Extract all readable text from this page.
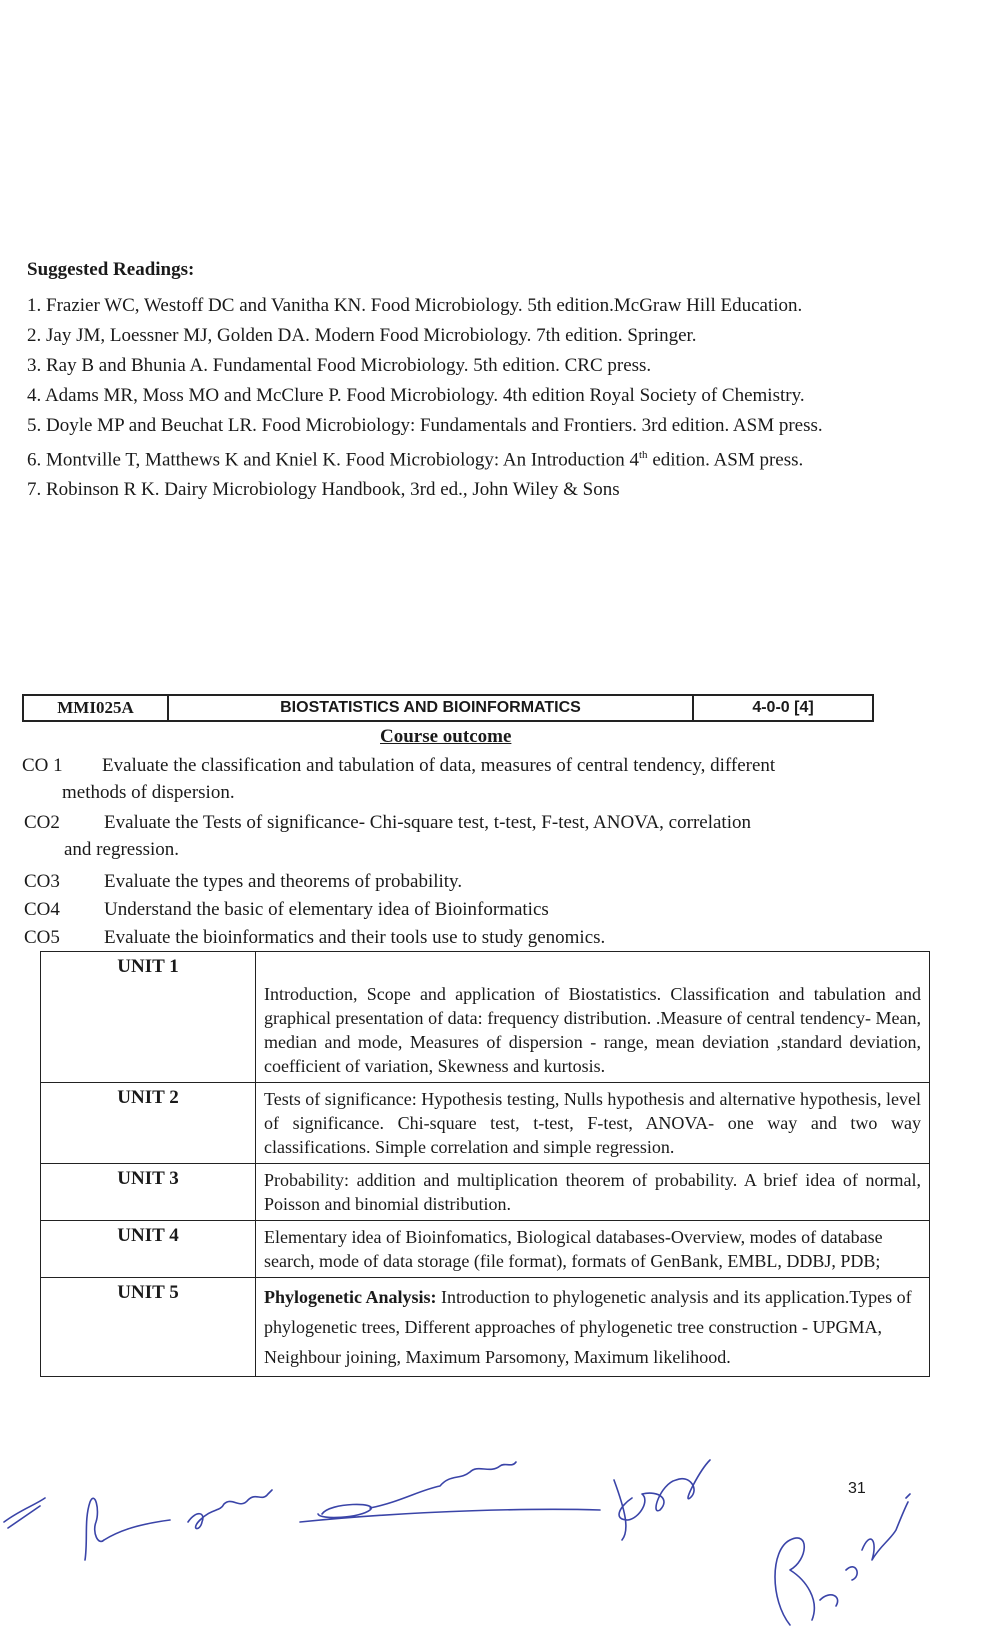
Suggested Readings:
1. Frazier WC, Westoff DC and Vanitha KN. Food Microbiology. 5th edition.McGraw Hill Education.
2. Jay JM, Loessner MJ, Golden DA. Modern Food Microbiology. 7th edition. Springer.
3. Ray B and Bhunia A. Fundamental Food Microbiology. 5th edition. CRC press.
4. Adams MR, Moss MO and McClure P. Food Microbiology. 4th edition Royal Society of Chemistry.
5. Doyle MP and Beuchat LR. Food Microbiology: Fundamentals and Frontiers. 3rd edition. ASM press.
6. Montville T, Matthews K and Kniel K. Food Microbiology: An Introduction 4th edition. ASM press.
7. Robinson R K. Dairy Microbiology Handbook, 3rd ed., John Wiley & Sons
MMI025A	BIOSTATISTICS AND BIOINFORMATICS	4-0-0 [4]
Course outcome
CO 1 Evaluate the classification and tabulation of data, measures of central tendency, different
methods of dispersion.
CO2 Evaluate the Tests of significance- Chi-square test, t-test, F-test, ANOVA, correlation
and regression.
CO3 Evaluate the types and theorems of probability.
CO4 Understand the basic of elementary idea of Bioinformatics
CO5 Evaluate the bioinformatics and their tools use to study genomics.
UNIT 1	Introduction, Scope and application of Biostatistics. Classification and tabulation and graphical presentation of data: frequency distribution. .Measure of central tendency- Mean, median and mode, Measures of dispersion - range, mean deviation ,standard deviation, coefficient of variation, Skewness and kurtosis.
UNIT 2	Tests of significance: Hypothesis testing, Nulls hypothesis and alternative hypothesis, level of significance. Chi-square test, t-test, F-test, ANOVA- one way and two way classifications. Simple correlation and simple regression.
UNIT 3	Probability: addition and multiplication theorem of probability. A brief idea of normal, Poisson and binomial distribution.
UNIT 4	Elementary idea of Bioinfomatics, Biological databases-Overview, modes of database search, mode of data storage (file format), formats of GenBank, EMBL, DDBJ, PDB;
UNIT 5	Phylogenetic Analysis: Introduction to phylogenetic analysis and its application.Types of phylogenetic trees, Different approaches of phylogenetic tree construction - UPGMA, Neighbour joining, Maximum Parsomony, Maximum likelihood.
31
